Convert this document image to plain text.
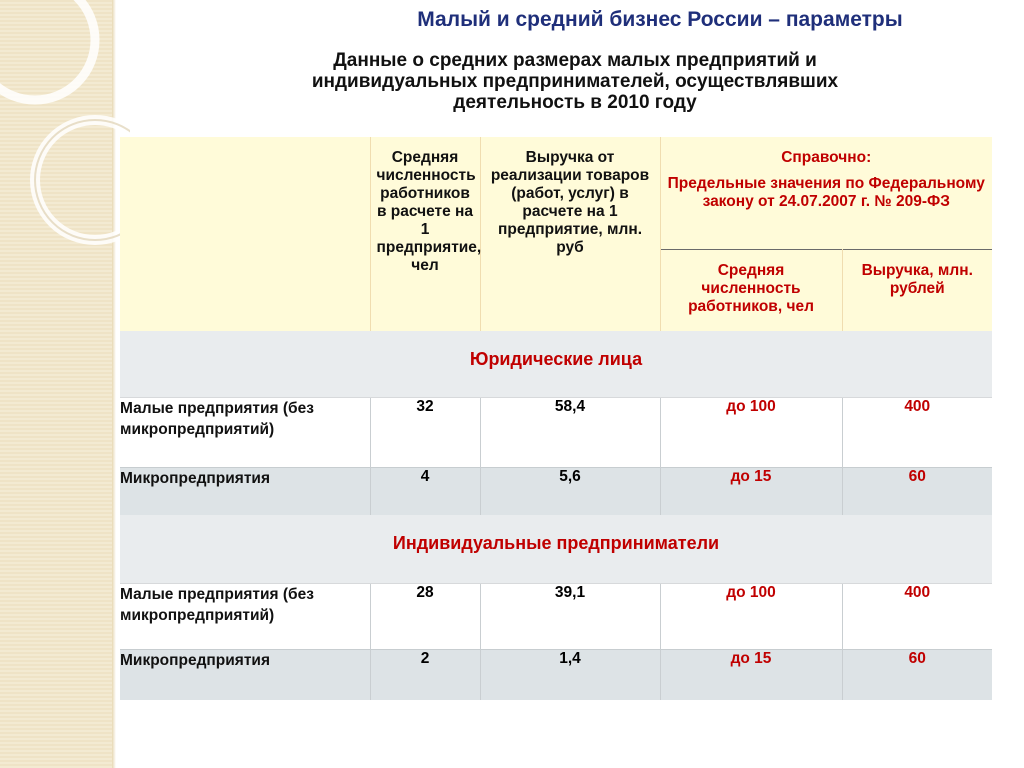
Малый и средний бизнес России – параметры
Данные о средних размерах малых предприятий и
индивидуальных предпринимателей, осуществлявших
деятельность в 2010 году

	Средняя численность работников в расчете на 1 предприятие, чел	Выручка от реализации товаров (работ, услуг) в расчете на 1 предприятие, млн. руб	Справочно:
Предельные значения по Федеральному закону от 24.07.2007 г. № 209-ФЗ	

			Средняя численность работников, чел	Выручка, млн. рублей

Юридические лица				

Малые предприятия (без микропредприятий)	32	58,4	до 100	400
Микропредприятия	4	5,6	до 15	60

Индивидуальные предприниматели				

Малые предприятия (без микропредприятий)	28	39,1	до 100	400
Микропредприятия	2	1,4	до 15	60
